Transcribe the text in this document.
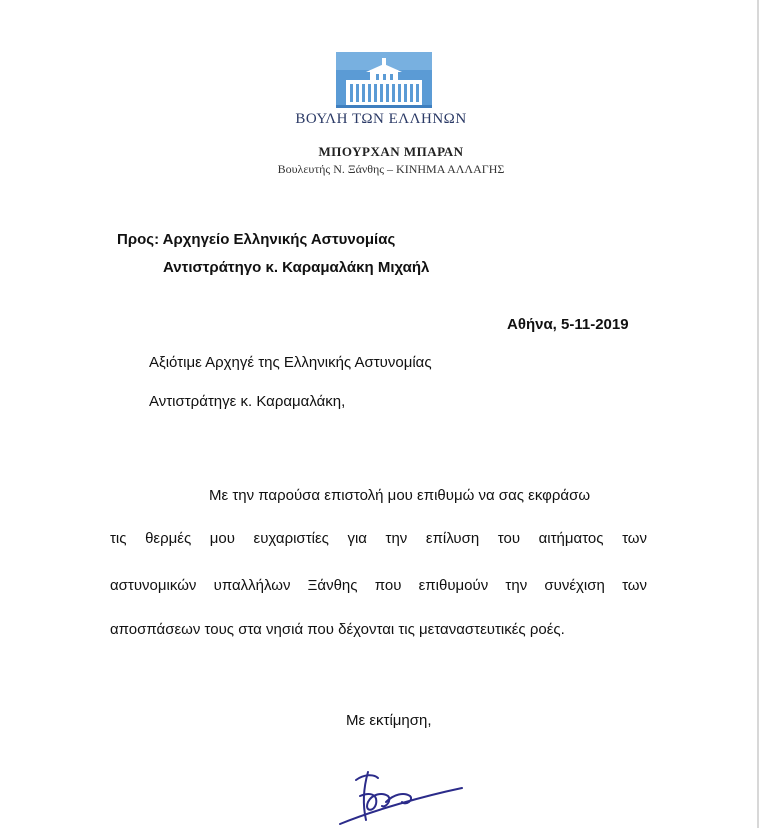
ΒΟΥΛΗ ΤΩΝ ΕΛΛΗΝΩΝ
ΜΠΟΥΡΧΑΝ ΜΠΑΡΑΝ
Βουλευτής Ν. Ξάνθης – ΚΙΝΗΜΑ ΑΛΛΑΓΗΣ
Προς: Αρχηγείο Ελληνικής Αστυνομίας
Αντιστράτηγο κ. Καραμαλάκη Μιχαήλ
Αθήνα, 5-11-2019
Αξιότιμε Αρχηγέ της Ελληνικής Αστυνομίας
Αντιστράτηγε κ. Καραμαλάκη,
Με την παρούσα επιστολή μου επιθυμώ να σας εκφράσω
τις θερμές μου ευχαριστίες για την επίλυση του αιτήματος των
αστυνομικών υπαλλήλων Ξάνθης που επιθυμούν την συνέχιση των
αποσπάσεων τους στα νησιά που δέχονται τις μεταναστευτικές ροές.
Με εκτίμηση,
